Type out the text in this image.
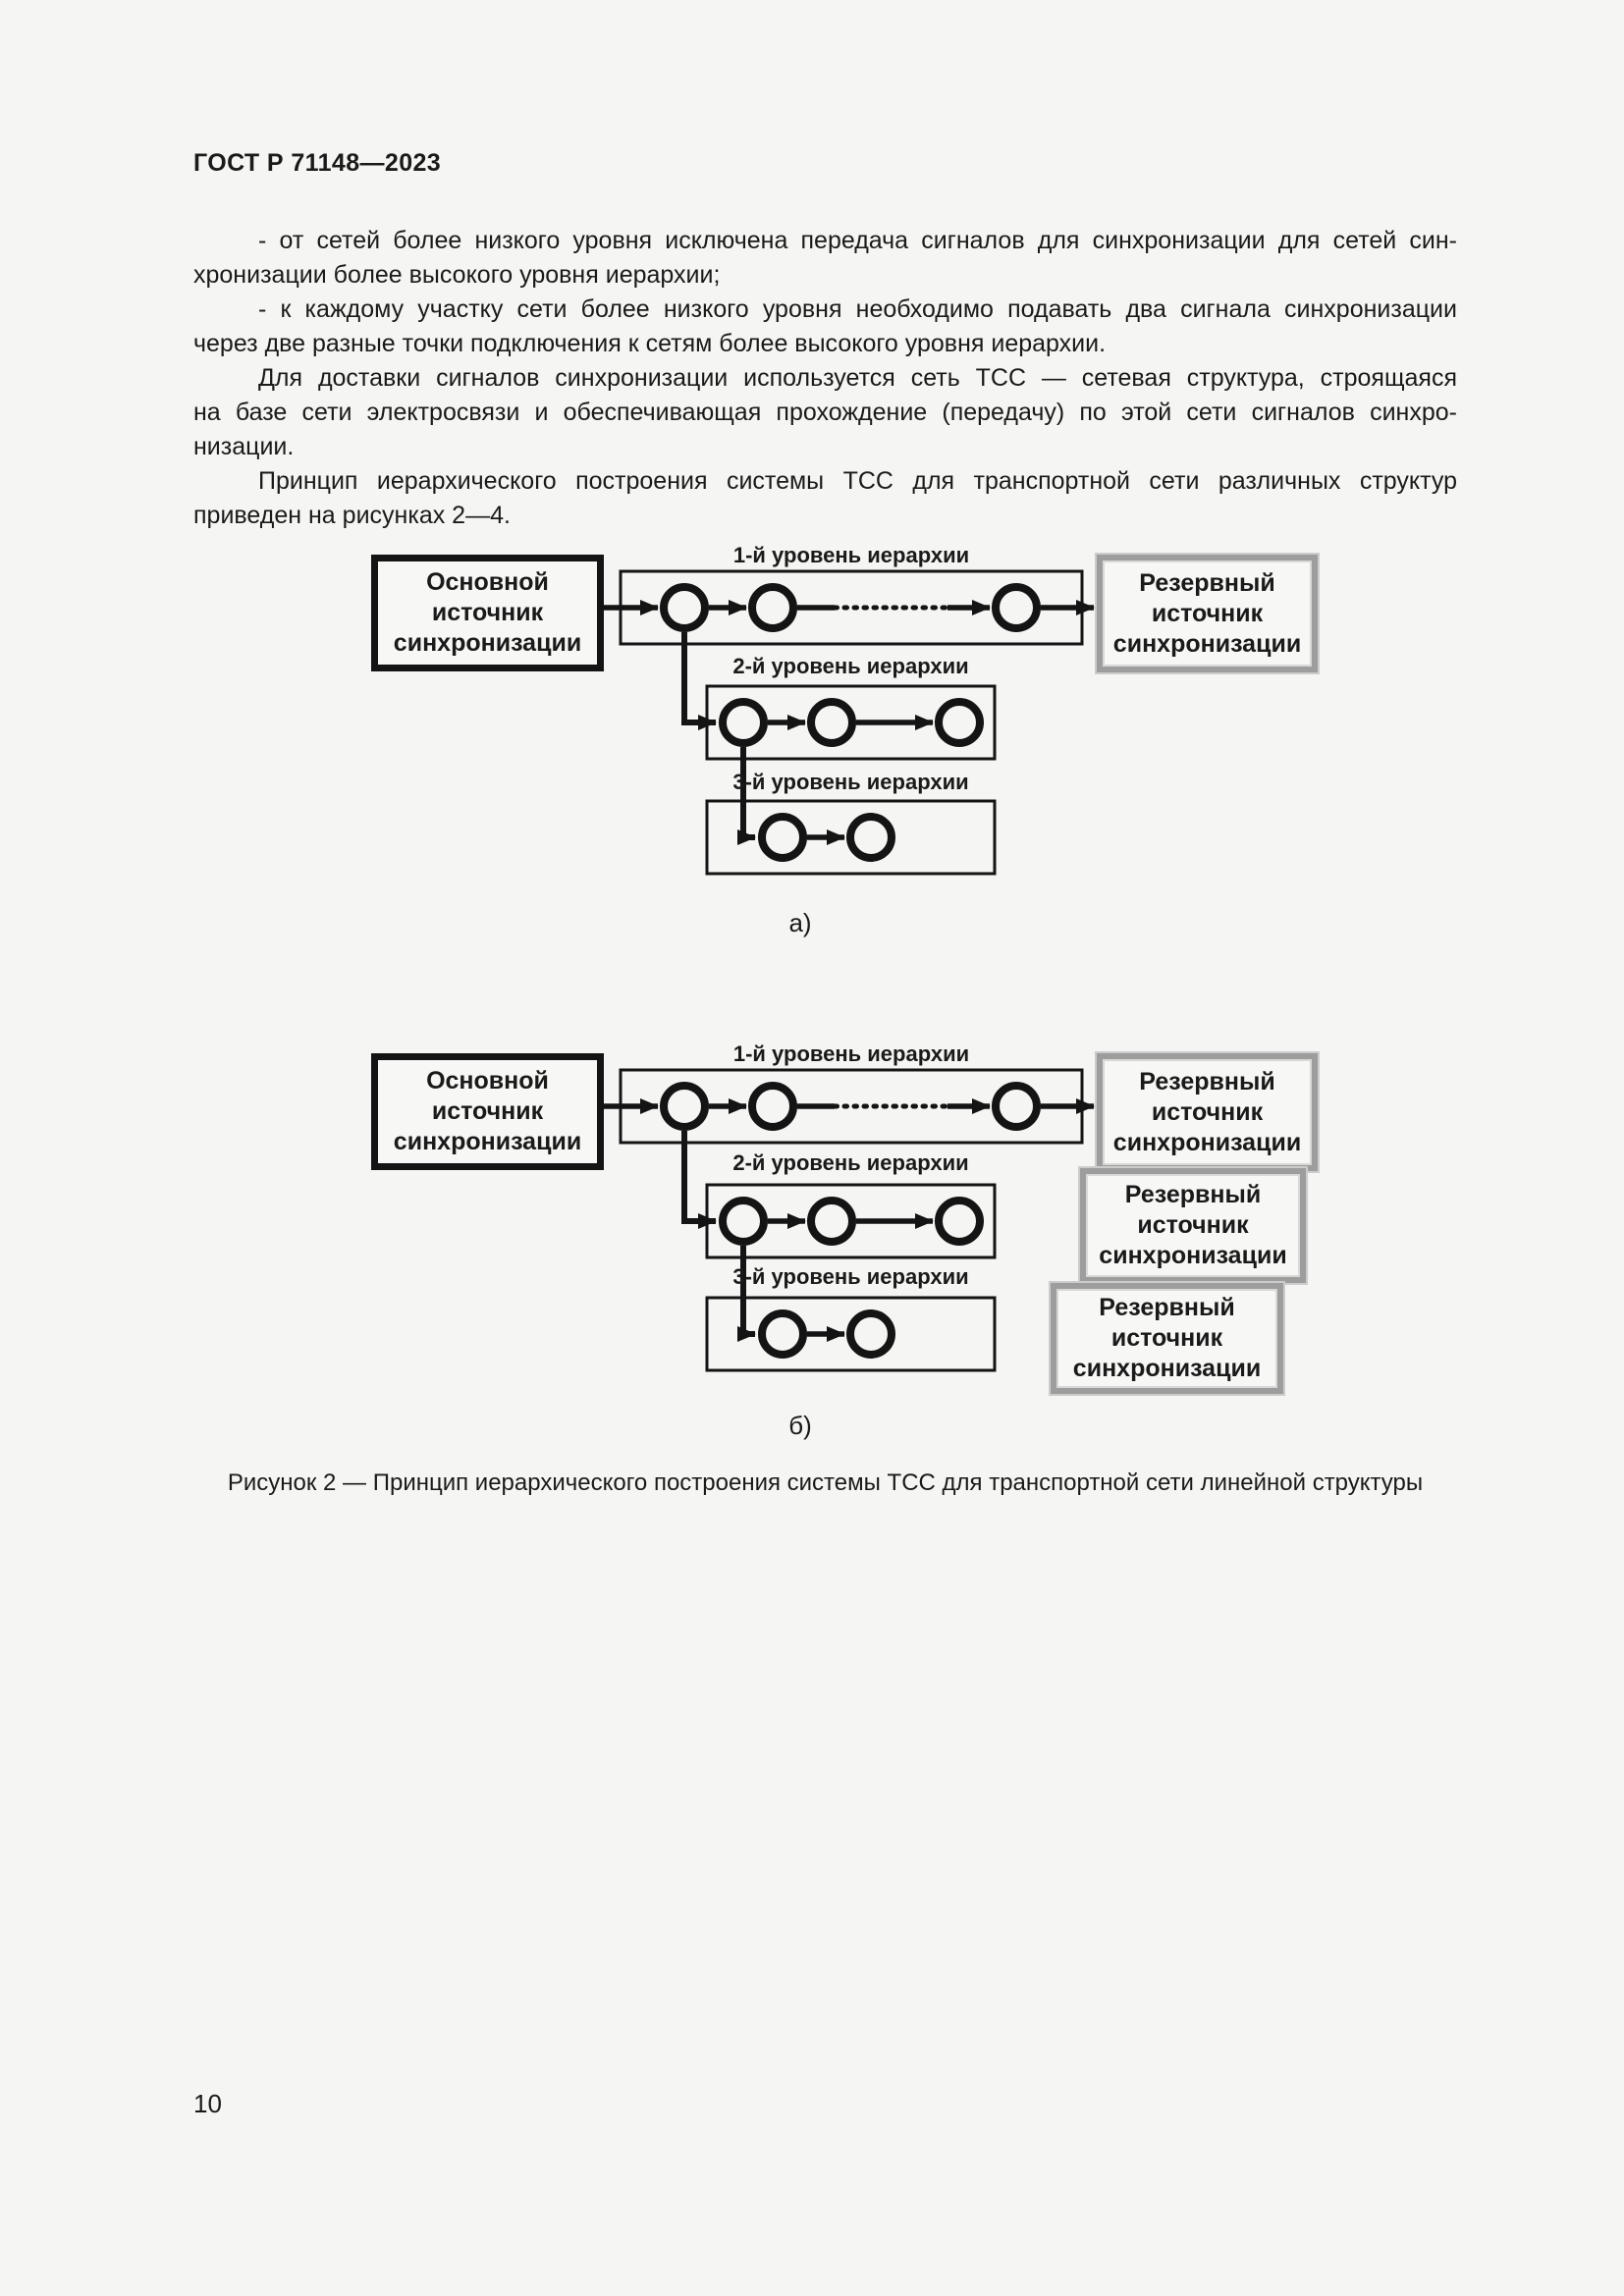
ГОСТ Р 71148—2023
- от сетей более низкого уровня исключена передача сигналов для синхронизации для сетей син-
хронизации более высокого уровня иерархии;
- к каждому участку сети более низкого уровня необходимо подавать два сигнала синхронизации
через две разные точки подключения к сетям более высокого уровня иерархии.
Для доставки сигналов синхронизации используется сеть ТСС — сетевая структура, строящаяся
на базе сети электросвязи и обеспечивающая прохождение (передачу) по этой сети сигналов синхро-
низации.
Принцип иерархического построения системы ТСС для транспортной сети различных структур
приведен на рисунках 2—4.
Основной источник синхронизации
Резервный источник синхронизации
1-й уровень иерархии
2-й уровень иерархии
3-й уровень иерархии
а)
Основной источник синхронизации
Резервный источник синхронизации
Резервный источник синхронизации
Резервный источник синхронизации
1-й уровень иерархии
2-й уровень иерархии
3-й уровень иерархии
б)
Рисунок 2 — Принцип иерархического построения системы ТСС для транспортной сети линейной структуры
10
